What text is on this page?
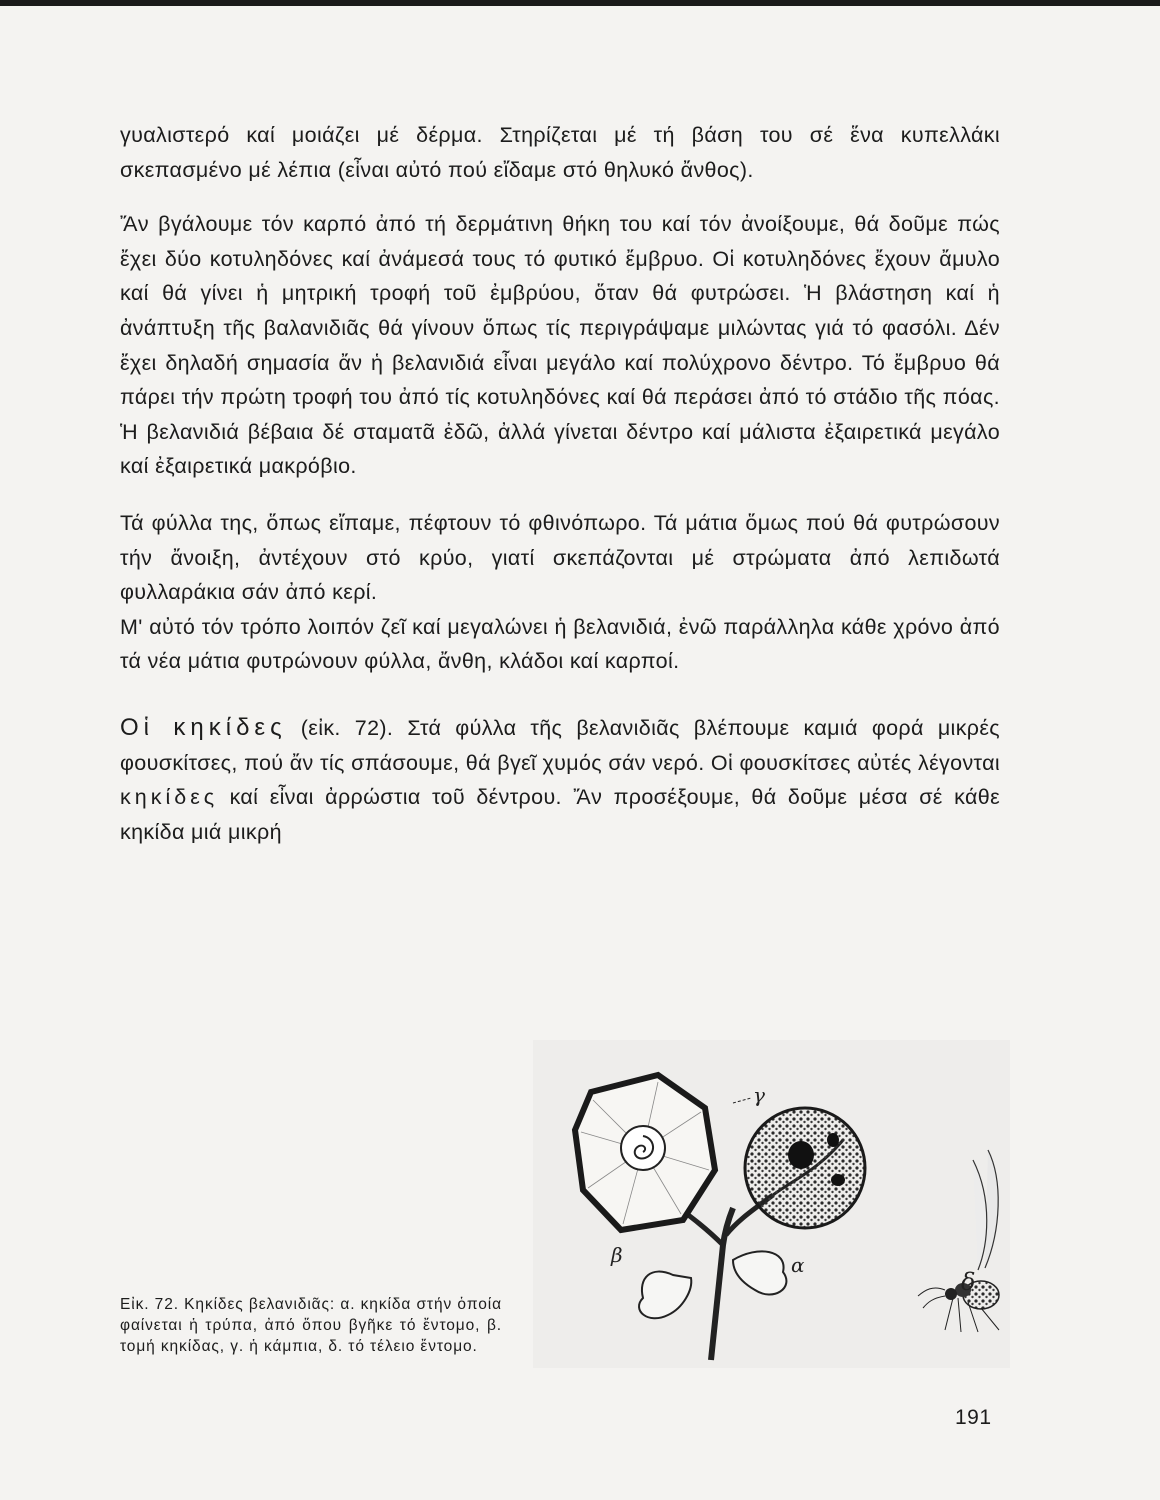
γυαλιστερό καί μοιάζει μέ δέρμα. Στηρίζεται μέ τή βάση του σέ ἕνα κυπελλάκι σκεπασμένο μέ λέπια (εἶναι αὐτό πού εἴδαμε στό θηλυκό ἄνθος).

Ἄν βγάλουμε τόν καρπό ἀπό τή δερμάτινη θήκη του καί τόν ἀνοίξουμε, θά δοῦμε πώς ἔχει δύο κοτυληδόνες καί ἀνάμεσά τους τό φυτικό ἔμβρυο. Οἱ κοτυληδόνες ἔχουν ἄμυλο καί θά γίνει ἡ μητρική τροφή τοῦ ἐμβρύου, ὅταν θά φυτρώσει. Ἡ βλάστηση καί ἡ ἀνάπτυξη τῆς βαλανιδιᾶς θά γίνουν ὅπως τίς περιγράψαμε μιλώντας γιά τό φασόλι. Δέν ἔχει δηλαδή σημασία ἄν ἡ βελανιδιά εἶναι μεγάλο καί πολύχρονο δέντρο. Τό ἔμβρυο θά πάρει τήν πρώτη τροφή του ἀπό τίς κοτυληδόνες καί θά περάσει ἀπό τό στάδιο τῆς πόας. Ἡ βελανιδιά βέβαια δέ σταματᾶ ἐδῶ, ἀλλά γίνεται δέντρο καί μάλιστα ἐξαιρετικά μεγάλο καί ἐξαιρετικά μακρόβιο.

Τά φύλλα της, ὅπως εἴπαμε, πέφτουν τό φθινόπωρο. Τά μάτια ὅμως πού θά φυτρώσουν τήν ἄνοιξη, ἀντέχουν στό κρύο, γιατί σκεπάζονται μέ στρώματα ἀπό λεπιδωτά φυλλαράκια σάν ἀπό κερί.

Μ' αὐτό τόν τρόπο λοιπόν ζεῖ καί μεγαλώνει ἡ βελανιδιά, ἐνῶ παράλληλα κάθε χρόνο ἀπό τά νέα μάτια φυτρώνουν φύλλα, ἄνθη, κλάδοι καί καρποί.

Οἱ κηκίδες (εἰκ. 72). Στά φύλλα τῆς βελανιδιᾶς βλέπουμε καμιά φορά μικρές φουσκίτσες, πού ἄν τίς σπάσουμε, θά βγεῖ χυμός σάν νερό. Οἱ φουσκίτσες αὐτές λέγονται κηκίδες καί εἶναι ἀρρώστια τοῦ δέντρου. Ἄν προσέξουμε, θά δοῦμε μέσα σέ κάθε κηκίδα μιά μικρή

γ
β	α
δ
Εἰκ. 72. Κηκίδες βελανιδιᾶς: α. κηκίδα στήν ὁποία φαίνεται ἡ τρύπα, ἀπό ὅπου βγῆκε τό ἔντομο, β. τομή κηκίδας, γ. ἡ κάμπια, δ. τό τέλειο ἔντομο.
191
